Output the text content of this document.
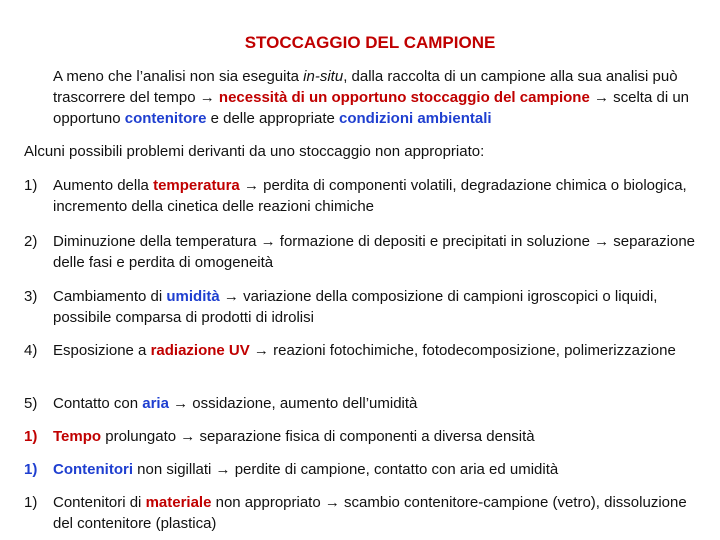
STOCCAGGIO DEL CAMPIONE
A meno che l’analisi non sia eseguita in-situ, dalla raccolta di un campione alla sua analisi può trascorrere del tempo → necessità di un opportuno stoccaggio del campione → scelta di un opportuno contenitore e delle appropriate condizioni ambientali
Alcuni possibili problemi derivanti da uno stoccaggio non appropriato:
1)	Aumento della temperatura → perdita di componenti volatili, degradazione chimica o biologica, incremento della cinetica delle reazioni chimiche
2)	Diminuzione della temperatura → formazione di depositi e precipitati in soluzione → separazione delle fasi e perdita di omogeneità
3)	Cambiamento di umidità → variazione della composizione di campioni igroscopici o liquidi, possibile comparsa di prodotti di idrolisi
4)	Esposizione a radiazione UV → reazioni fotochimiche, fotodecomposizione, polimerizzazione
5)	Contatto con aria → ossidazione, aumento dell’umidità
1)	Tempo prolungato → separazione fisica di componenti a diversa densità
1)	Contenitori non sigillati → perdite di campione, contatto con aria ed umidità
1)	Contenitori di materiale non appropriato → scambio contenitore-campione (vetro), dissoluzione del contenitore (plastica)
